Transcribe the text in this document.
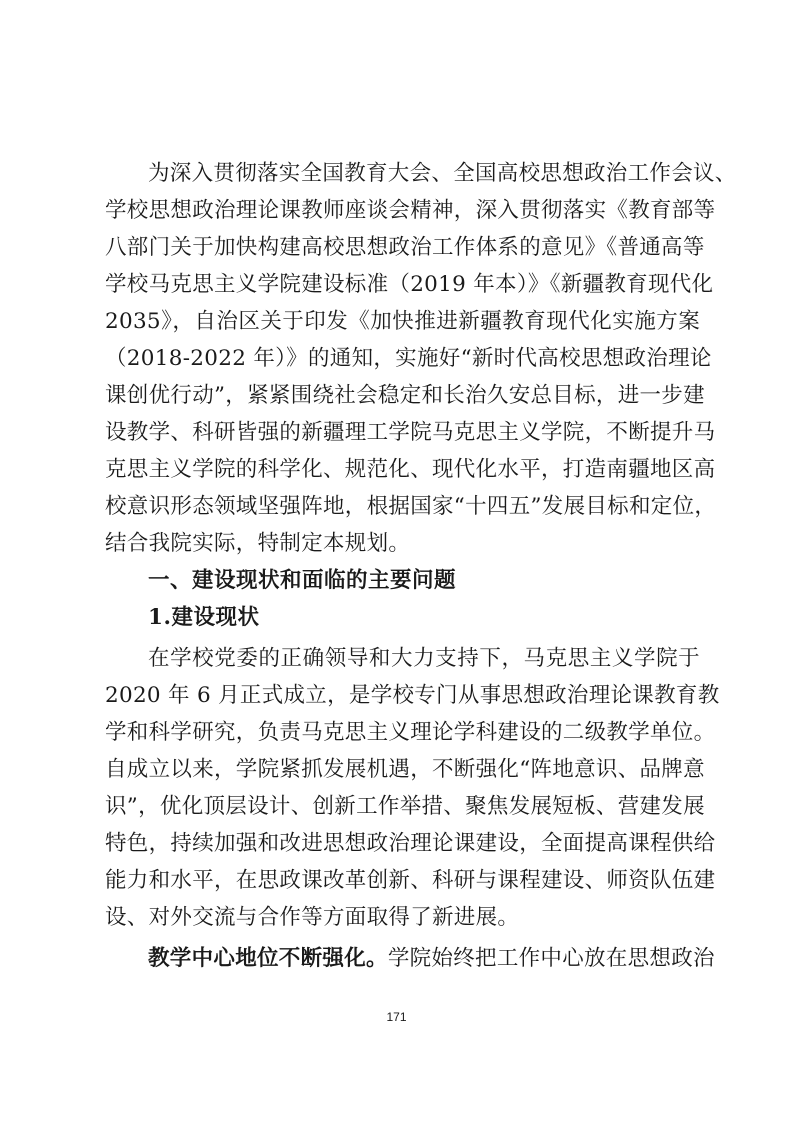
为深入贯彻落实全国教育大会、全国高校思想政治工作会议、
学校思想政治理论课教师座谈会精神，深入贯彻落实《教育部等
八部门关于加快构建高校思想政治工作体系的意见》《普通高等
学校马克思主义学院建设标准（2019 年本）》《新疆教育现代化
2035》，自治区关于印发《加快推进新疆教育现代化实施方案
（2018-2022 年）》的通知，实施好“新时代高校思想政治理论
课创优行动”，紧紧围绕社会稳定和长治久安总目标，进一步建
设教学、科研皆强的新疆理工学院马克思主义学院，不断提升马
克思主义学院的科学化、规范化、现代化水平，打造南疆地区高
校意识形态领域坚强阵地，根据国家“十四五”发展目标和定位，
结合我院实际，特制定本规划。
一、建设现状和面临的主要问题
1.建设现状
在学校党委的正确领导和大力支持下，马克思主义学院于
2020 年 6 月正式成立，是学校专门从事思想政治理论课教育教
学和科学研究，负责马克思主义理论学科建设的二级教学单位。
自成立以来，学院紧抓发展机遇，不断强化“阵地意识、品牌意
识”，优化顶层设计、创新工作举措、聚焦发展短板、营建发展
特色，持续加强和改进思想政治理论课建设，全面提高课程供给
能力和水平，在思政课改革创新、科研与课程建设、师资队伍建
设、对外交流与合作等方面取得了新进展。
教学中心地位不断强化。学院始终把工作中心放在思想政治
171
